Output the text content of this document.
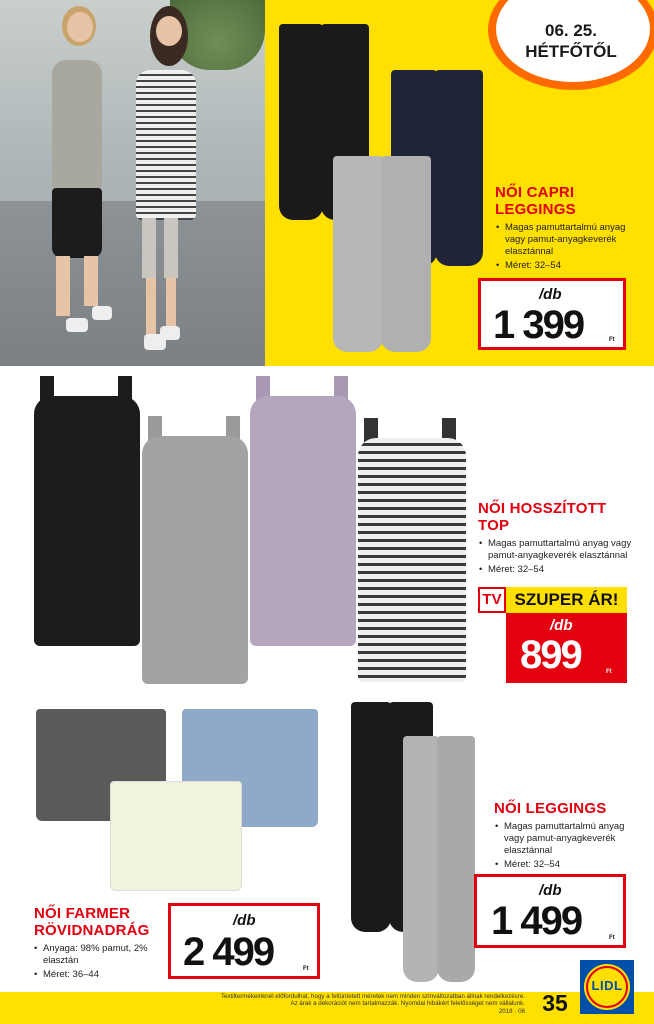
06. 25.
HÉTFŐTŐL
NŐI CAPRI
LEGGINGS
• Magas pamuttartalmú anyag vagy pamut-anyagkeverék elasztánnal
• Méret: 32–54
/db
1 399	Ft
NŐI HOSSZÍTOTT
TOP
• Magas pamuttartalmú anyag vagy pamut-anyagkeverék elasztánnal
• Méret: 32–54
TV SZUPER ÁR!
/db
899	Ft
NŐI FARMER
RÖVIDNADRÁG
• Anyaga: 98% pamut, 2% elasztán
• Méret: 36–44
/db
2 499	Ft
NŐI LEGGINGS
• Magas pamuttartalmú anyag vagy pamut-anyagkeverék elasztánnal
• Méret: 32–54
/db
1 499	Ft
Textiltermékeinknél előfordulhat, hogy a feltüntetett méretek nem minden színváltozatban állnak rendelkezésre.
Az árak a dekorációt nem tartalmazzák. Nyomdai hibákért felelősséget nem vállalunk.
2018 · 06 35
LIDL
